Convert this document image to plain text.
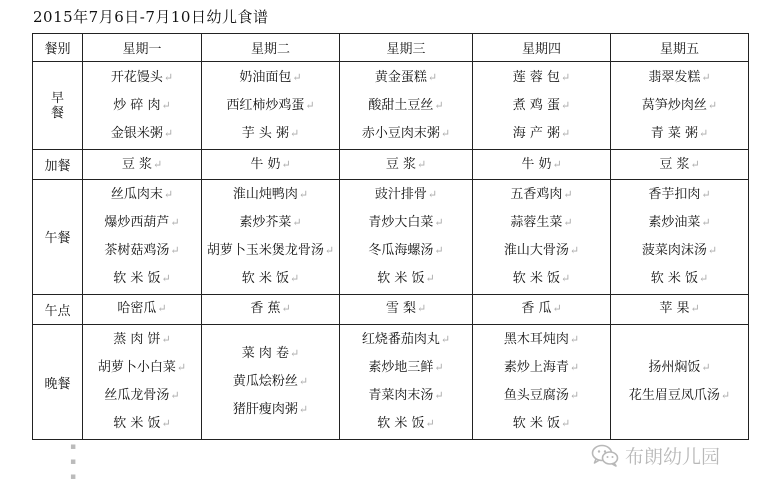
2015年7月6日-7月10日幼儿食谱
餐别	星期一	星期二	星期三	星期四	星期五
早餐	开花馒头↵
炒 碎 肉↵
金银米粥↵	奶油面包↵
西红柿炒鸡蛋↵
芋 头 粥↵	黄金蛋糕↵
酸甜土豆丝↵
赤小豆肉末粥↵	莲 蓉 包↵
煮 鸡 蛋↵
海 产 粥↵	翡翠发糕↵
莴笋炒肉丝↵
青 菜 粥↵

加餐	豆 浆↵	牛 奶↵	豆 浆↵	牛 奶↵	豆 浆↵

午餐	丝瓜肉末↵
爆炒西葫芦↵
茶树菇鸡汤↵
软 米 饭↵	淮山炖鸭肉↵
素炒芥菜↵
胡萝卜玉米煲龙骨汤↵
软 米 饭↵	豉汁排骨↵
青炒大白菜↵
冬瓜海螺汤↵
软 米 饭↵	五香鸡肉↵
蒜蓉生菜↵
淮山大骨汤↵
软 米 饭↵	香芋扣肉↵
素炒油菜↵
菠菜肉沫汤↵
软 米 饭↵

午点	哈密瓜↵	香 蕉↵	雪 梨↵	香 瓜↵	苹 果↵

晚餐	蒸 肉 饼↵
胡萝卜小白菜↵
丝瓜龙骨汤↵
软 米 饭↵	菜 肉 卷↵
黄瓜烩粉丝↵
猪肝瘦肉粥↵	红烧番茄肉丸↵
素炒地三鲜↵
青菜肉末汤↵
软 米 饭↵	黑木耳炖肉↵
素炒上海青↵
鱼头豆腐汤↵
软 米 饭↵	扬州焖饭↵
花生眉豆凤爪汤↵
▪
▪
▪
布朗幼儿园
